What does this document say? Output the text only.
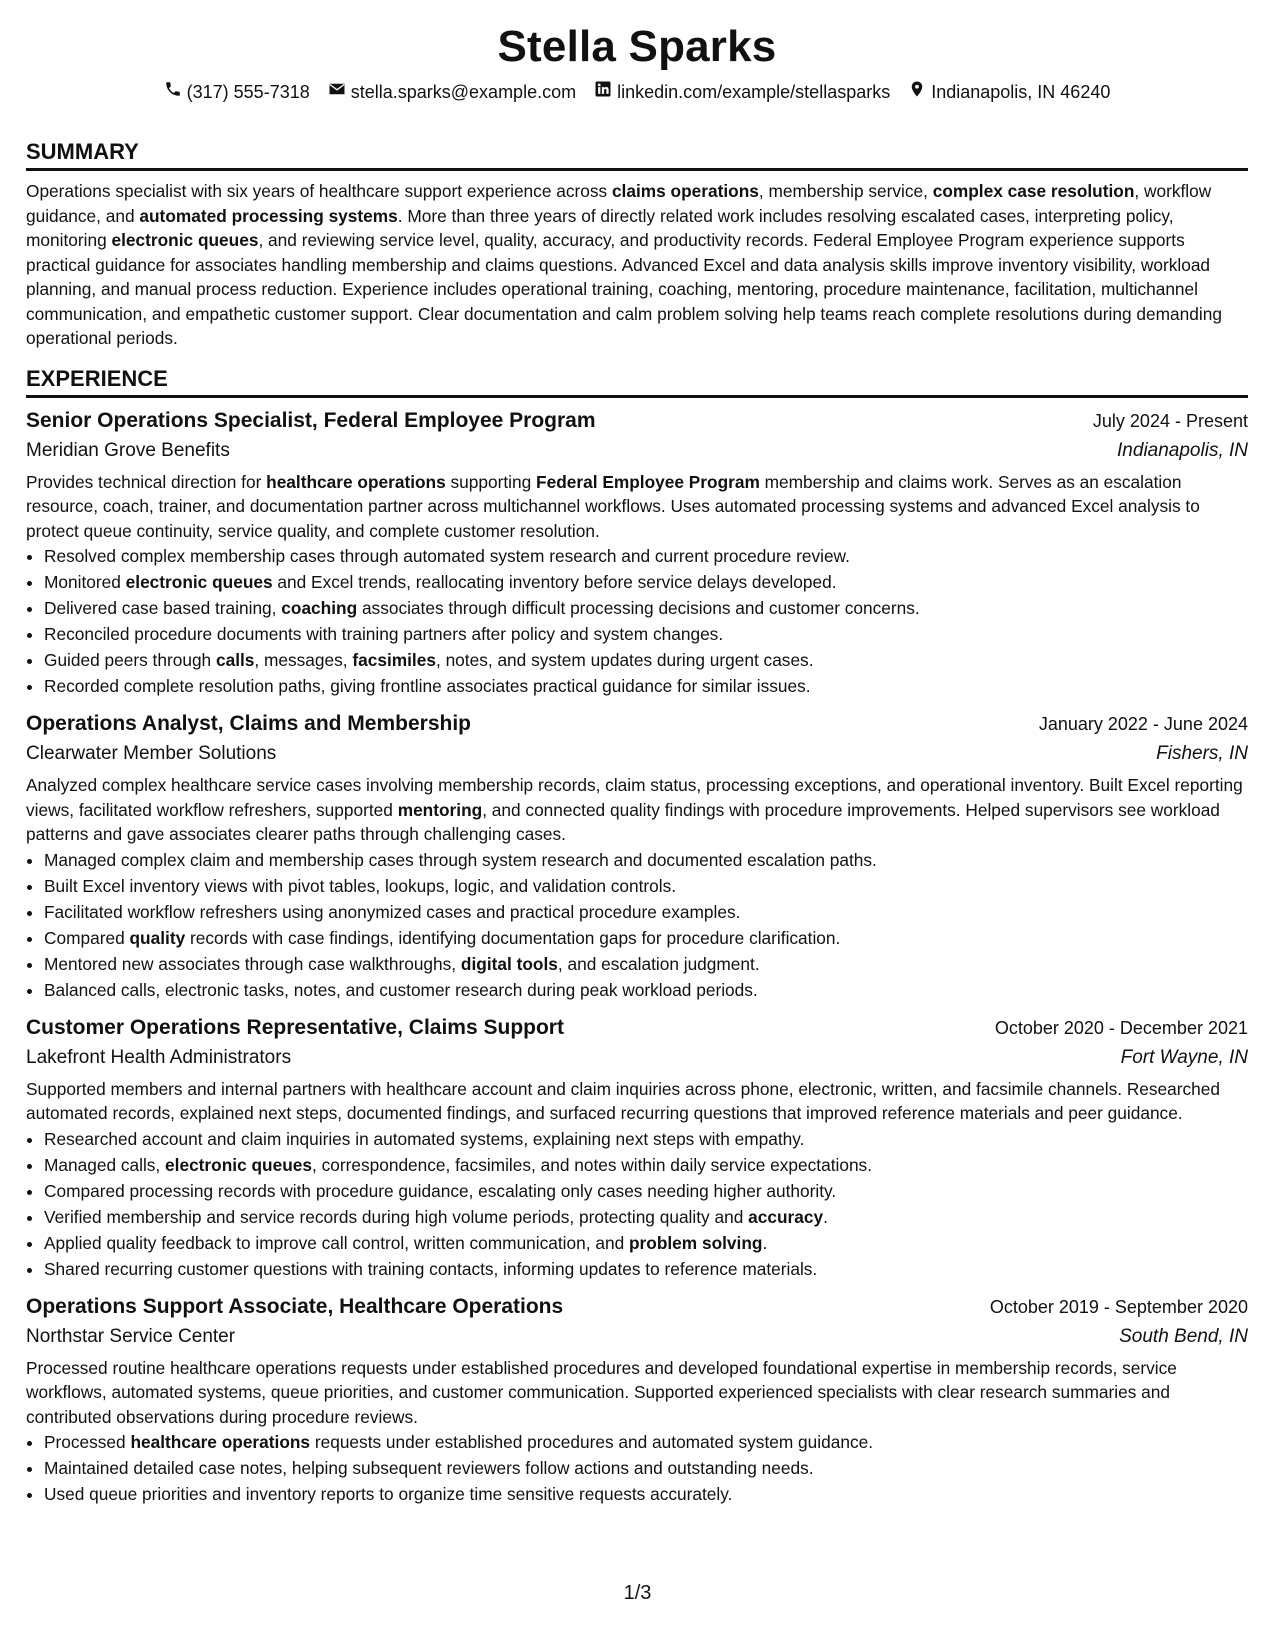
Stella Sparks
(317) 555-7318 stella.sparks@example.com linkedin.com/example/stellasparks Indianapolis, IN 46240
SUMMARY

Operations specialist with six years of healthcare support experience across claims operations, membership service, complex case resolution, workflow guidance, and automated processing systems. More than three years of directly related work includes resolving escalated cases, interpreting policy, monitoring electronic queues, and reviewing service level, quality, accuracy, and productivity records. Federal Employee Program experience supports practical guidance for associates handling membership and claims questions. Advanced Excel and data analysis skills improve inventory visibility, workload planning, and manual process reduction. Experience includes operational training, coaching, mentoring, procedure maintenance, facilitation, multichannel communication, and empathetic customer support. Clear documentation and calm problem solving help teams reach complete resolutions during demanding operational periods.

EXPERIENCE
Senior Operations Specialist, Federal Employee Program	July 2024 - Present
Meridian Grove Benefits	Indianapolis, IN

Provides technical direction for healthcare operations supporting Federal Employee Program membership and claims work. Serves as an escalation resource, coach, trainer, and documentation partner across multichannel workflows. Uses automated processing systems and advanced Excel analysis to protect queue continuity, service quality, and complete customer resolution.

• Resolved complex membership cases through automated system research and current procedure review.
• Monitored electronic queues and Excel trends, reallocating inventory before service delays developed.
• Delivered case based training, coaching associates through difficult processing decisions and customer concerns.
• Reconciled procedure documents with training partners after policy and system changes.
• Guided peers through calls, messages, facsimiles, notes, and system updates during urgent cases.
• Recorded complete resolution paths, giving frontline associates practical guidance for similar issues.
Operations Analyst, Claims and Membership	January 2022 - June 2024
Clearwater Member Solutions	Fishers, IN

Analyzed complex healthcare service cases involving membership records, claim status, processing exceptions, and operational inventory. Built Excel reporting views, facilitated workflow refreshers, supported mentoring, and connected quality findings with procedure improvements. Helped supervisors see workload patterns and gave associates clearer paths through challenging cases.

• Managed complex claim and membership cases through system research and documented escalation paths.
• Built Excel inventory views with pivot tables, lookups, logic, and validation controls.
• Facilitated workflow refreshers using anonymized cases and practical procedure examples.
• Compared quality records with case findings, identifying documentation gaps for procedure clarification.
• Mentored new associates through case walkthroughs, digital tools, and escalation judgment.
• Balanced calls, electronic tasks, notes, and customer research during peak workload periods.
Customer Operations Representative, Claims Support	October 2020 - December 2021
Lakefront Health Administrators	Fort Wayne, IN

Supported members and internal partners with healthcare account and claim inquiries across phone, electronic, written, and facsimile channels. Researched automated records, explained next steps, documented findings, and surfaced recurring questions that improved reference materials and peer guidance.

• Researched account and claim inquiries in automated systems, explaining next steps with empathy.
• Managed calls, electronic queues, correspondence, facsimiles, and notes within daily service expectations.
• Compared processing records with procedure guidance, escalating only cases needing higher authority.
• Verified membership and service records during high volume periods, protecting quality and accuracy.
• Applied quality feedback to improve call control, written communication, and problem solving.
• Shared recurring customer questions with training contacts, informing updates to reference materials.
Operations Support Associate, Healthcare Operations	October 2019 - September 2020
Northstar Service Center	South Bend, IN

Processed routine healthcare operations requests under established procedures and developed foundational expertise in membership records, service workflows, automated systems, queue priorities, and customer communication. Supported experienced specialists with clear research summaries and contributed observations during procedure reviews.

• Processed healthcare operations requests under established procedures and automated system guidance.
• Maintained detailed case notes, helping subsequent reviewers follow actions and outstanding needs.
• Used queue priorities and inventory reports to organize time sensitive requests accurately.
1/3
